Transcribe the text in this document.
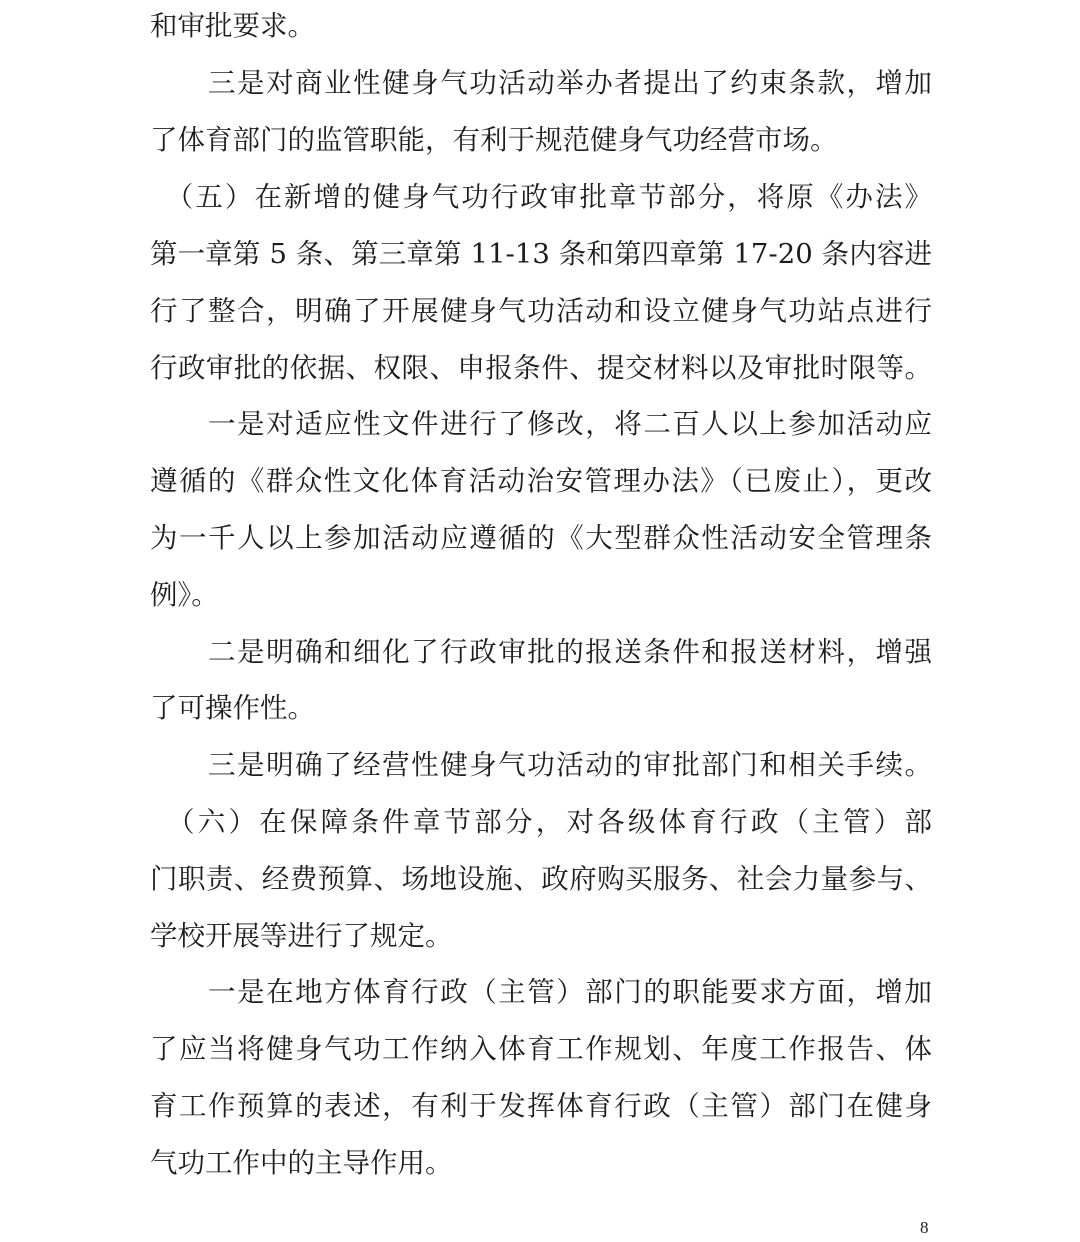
和审批要求。
　　三是对商业性健身气功活动举办者提出了约束条款，增加
了体育部门的监管职能，有利于规范健身气功经营市场。
　（五）在新增的健身气功行政审批章节部分，将原《办法》
第一章第 5 条、第三章第 11-13 条和第四章第 17-20 条内容进
行了整合，明确了开展健身气功活动和设立健身气功站点进行
行政审批的依据、权限、申报条件、提交材料以及审批时限等。
　　一是对适应性文件进行了修改，将二百人以上参加活动应
遵循的《群众性文化体育活动治安管理办法》（已废止），更改
为一千人以上参加活动应遵循的《大型群众性活动安全管理条
例》。
　　二是明确和细化了行政审批的报送条件和报送材料，增强
了可操作性。
　　三是明确了经营性健身气功活动的审批部门和相关手续。
　（六）在保障条件章节部分，对各级体育行政（主管）部
门职责、经费预算、场地设施、政府购买服务、社会力量参与、
学校开展等进行了规定。
　　一是在地方体育行政（主管）部门的职能要求方面，增加
了应当将健身气功工作纳入体育工作规划、年度工作报告、体
育工作预算的表述，有利于发挥体育行政（主管）部门在健身
气功工作中的主导作用。
8
